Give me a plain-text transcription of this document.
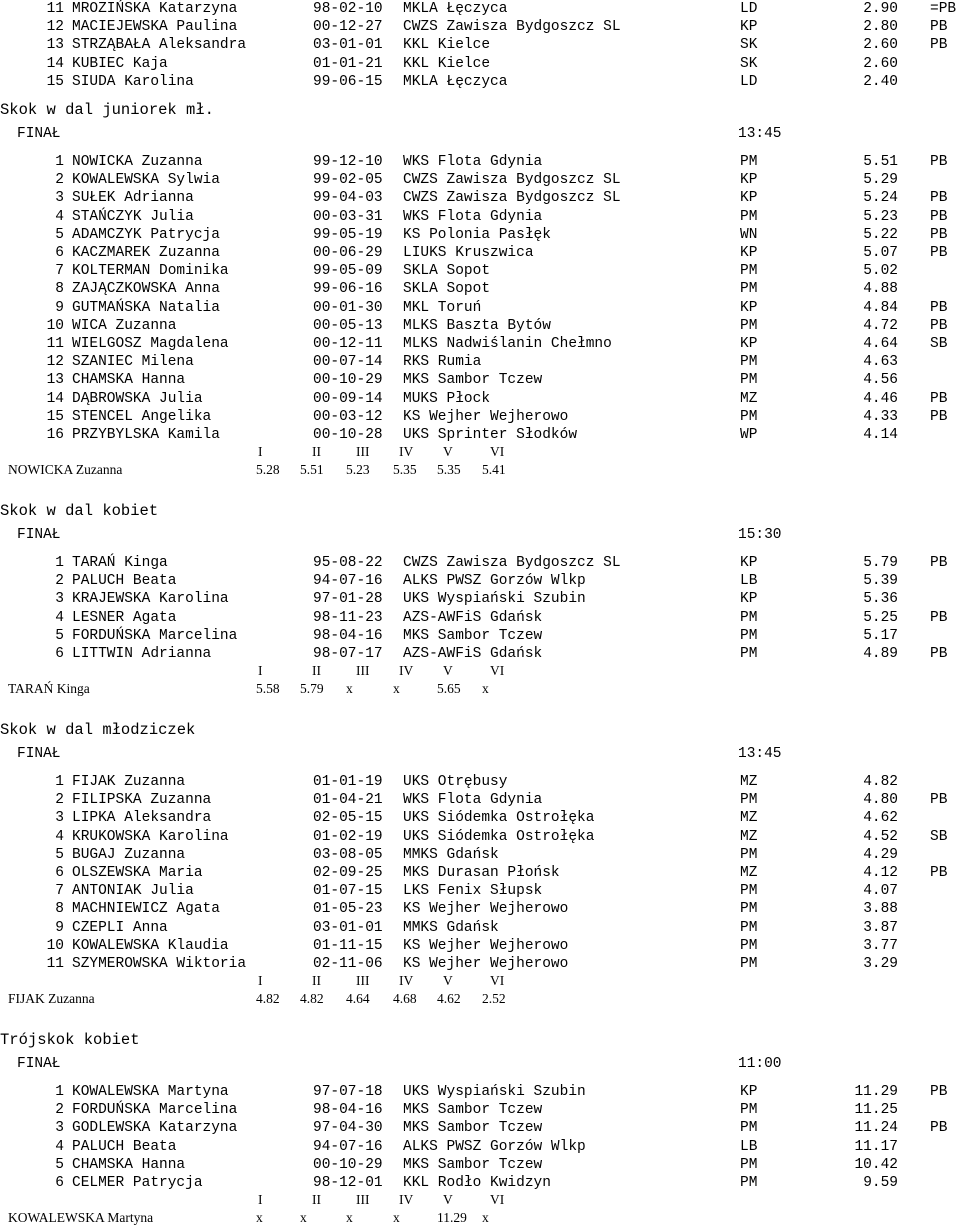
11 MROZIŃSKA Katarzyna	98-02-10 MKLA Łęczyca	LD	2.90 =PB
12 MACIEJEWSKA Paulina	00-12-27 CWZS Zawisza Bydgoszcz SL	KP	2.80 PB
13 STRZĄBAŁA Aleksandra	03-01-01 KKL Kielce	SK	2.60 PB
14 KUBIEC Kaja	01-01-21 KKL Kielce	SK	2.60
15 SIUDA Karolina	99-06-15 MKLA Łęczyca	LD	2.40
Skok w dal juniorek mł.
FINAŁ	13:45
1 NOWICKA Zuzanna	99-12-10 WKS Flota Gdynia	PM	5.51 PB
2 KOWALEWSKA Sylwia	99-02-05 CWZS Zawisza Bydgoszcz SL	KP	5.29
3 SUŁEK Adrianna	99-04-03 CWZS Zawisza Bydgoszcz SL	KP	5.24 PB
4 STAŃCZYK Julia	00-03-31 WKS Flota Gdynia	PM	5.23 PB
5 ADAMCZYK Patrycja	99-05-19 KS Polonia Pasłęk	WN	5.22 PB
6 KACZMAREK Zuzanna	00-06-29 LIUKS Kruszwica	KP	5.07 PB
7 KOLTERMAN Dominika	99-05-09 SKLA Sopot	PM	5.02
8 ZAJĄCZKOWSKA Anna	99-06-16 SKLA Sopot	PM	4.88
9 GUTMAŃSKA Natalia	00-01-30 MKL Toruń	KP	4.84 PB
10 WICA Zuzanna	00-05-13 MLKS Baszta Bytów	PM	4.72 PB
11 WIELGOSZ Magdalena	00-12-11 MLKS Nadwiślanin Chełmno	KP	4.64 SB
12 SZANIEC Milena	00-07-14 RKS Rumia	PM	4.63
13 CHAMSKA Hanna	00-10-29 MKS Sambor Tczew	PM	4.56
14 DĄBROWSKA Julia	00-09-14 MUKS Płock	MZ	4.46 PB
15 STENCEL Angelika	00-03-12 KS Wejher Wejherowo	PM	4.33 PB
16 PRZYBYLSKA Kamila	00-10-28 UKS Sprinter Słodków	WP	4.14
I	II	III IV V	VI
NOWICKA Zuzanna	5.28 5.51 5.23 5.35 5.35 5.41
Skok w dal kobiet
FINAŁ	15:30
1 TARAŃ Kinga	95-08-22 CWZS Zawisza Bydgoszcz SL	KP	5.79 PB
2 PALUCH Beata	94-07-16 ALKS PWSZ Gorzów Wlkp	LB	5.39
3 KRAJEWSKA Karolina	97-01-28 UKS Wyspiański Szubin	KP	5.36
4 LESNER Agata	98-11-23 AZS-AWFiS Gdańsk	PM	5.25 PB
5 FORDUŃSKA Marcelina	98-04-16 MKS Sambor Tczew	PM	5.17
6 LITTWIN Adrianna	98-07-17 AZS-AWFiS Gdańsk	PM	4.89 PB
I	II	III IV V	VI
TARAŃ Kinga	5.58 5.79 x	x	5.65 x
Skok w dal młodziczek
FINAŁ	13:45
1 FIJAK Zuzanna	01-01-19 UKS Otrębusy	MZ	4.82
2 FILIPSKA Zuzanna	01-04-21 WKS Flota Gdynia	PM	4.80 PB
3 LIPKA Aleksandra	02-05-15 UKS Siódemka Ostrołęka	MZ	4.62
4 KRUKOWSKA Karolina	01-02-19 UKS Siódemka Ostrołęka	MZ	4.52 SB
5 BUGAJ Zuzanna	03-08-05 MMKS Gdańsk	PM	4.29
6 OLSZEWSKA Maria	02-09-25 MKS Durasan Płońsk	MZ	4.12 PB
7 ANTONIAK Julia	01-07-15 LKS Fenix Słupsk	PM	4.07
8 MACHNIEWICZ Agata	01-05-23 KS Wejher Wejherowo	PM	3.88
9 CZEPLI Anna	03-01-01 MMKS Gdańsk	PM	3.87
10 KOWALEWSKA Klaudia	01-11-15 KS Wejher Wejherowo	PM	3.77
11 SZYMEROWSKA Wiktoria	02-11-06 KS Wejher Wejherowo	PM	3.29
I	II	III IV V	VI
FIJAK Zuzanna	4.82 4.82 4.64 4.68 4.62 2.52
Trójskok kobiet
FINAŁ	11:00
1 KOWALEWSKA Martyna	97-07-18 UKS Wyspiański Szubin	KP	11.29 PB
2 FORDUŃSKA Marcelina	98-04-16 MKS Sambor Tczew	PM	11.25
3 GODLEWSKA Katarzyna	97-04-30 MKS Sambor Tczew	PM	11.24 PB
4 PALUCH Beata	94-07-16 ALKS PWSZ Gorzów Wlkp	LB	11.17
5 CHAMSKA Hanna	00-10-29 MKS Sambor Tczew	PM	10.42
6 CELMER Patrycja	98-12-01 KKL Rodło Kwidzyn	PM	9.59
I	II	III IV V	VI
KOWALEWSKA Martyna	x	x	x	x	11.29 x
